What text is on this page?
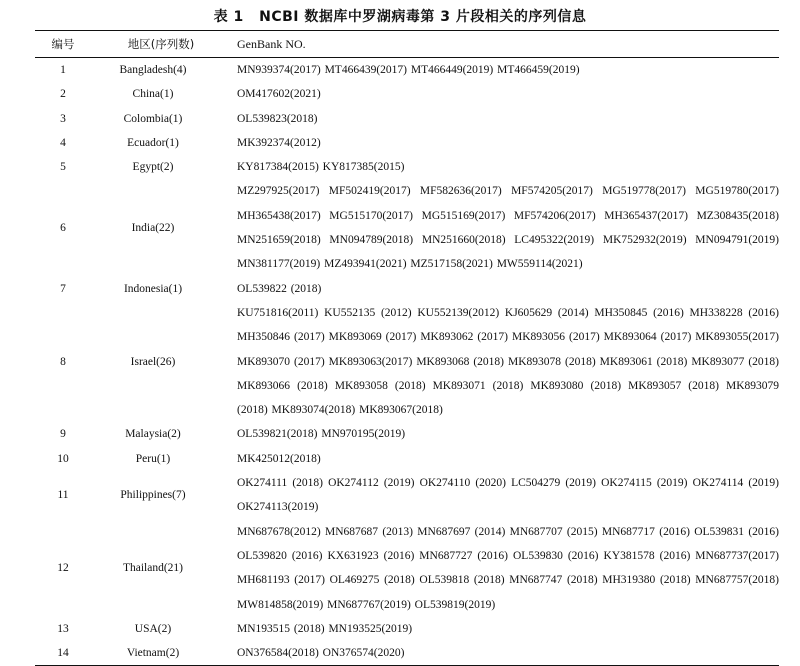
表 1 NCBI 数据库中罗湖病毒第 3 片段相关的序列信息
编号	地区(序列数)	GenBank NO.
1	Bangladesh(4)	MN939374(2017) MT466439(2017) MT466449(2019) MT466459(2019)
2	China(1)	OM417602(2021)
3	Colombia(1)	OL539823(2018)
4	Ecuador(1)	MK392374(2012)
5	Egypt(2)	KY817384(2015) KY817385(2015)
6	India(22)	MZ297925(2017) MF502419(2017) MF582636(2017) MF574205(2017) MG519778(2017) MG519780(2017) MH365438(2017) MG515170(2017) MG515169(2017) MF574206(2017) MH365437(2017) MZ308435(2018) MN251659(2018) MN094789(2018) MN251660(2018) LC495322(2019) MK752932(2019) MN094791(2019) MN381177(2019) MZ493941(2021) MZ517158(2021) MW559114(2021)
7	Indonesia(1)	OL539822 (2018)
8	Israel(26)	KU751816(2011) KU552135 (2012) KU552139(2012) KJ605629 (2014) MH350845 (2016) MH338228 (2016) MH350846 (2017) MK893069 (2017) MK893062 (2017) MK893056 (2017) MK893064 (2017) MK893055(2017) MK893070 (2017) MK893063(2017) MK893068 (2018) MK893078 (2018) MK893061 (2018) MK893077 (2018) MK893066 (2018) MK893058 (2018) MK893071 (2018) MK893080 (2018) MK893057 (2018) MK893079 (2018) MK893074(2018) MK893067(2018)
9	Malaysia(2)	OL539821(2018) MN970195(2019)
10	Peru(1)	MK425012(2018)
11	Philippines(7)	OK274111 (2018) OK274112 (2019) OK274110 (2020) LC504279 (2019) OK274115 (2019) OK274114 (2019) OK274113(2019)
12	Thailand(21)	MN687678(2012) MN687687 (2013) MN687697 (2014) MN687707 (2015) MN687717 (2016) OL539831 (2016) OL539820 (2016) KX631923 (2016) MN687727 (2016) OL539830 (2016) KY381578 (2016) MN687737(2017) MH681193 (2017) OL469275 (2018) OL539818 (2018) MN687747 (2018) MH319380 (2018) MN687757(2018) MW814858(2019) MN687767(2019) OL539819(2019)
13	USA(2)	MN193515 (2018) MN193525(2019)
14	Vietnam(2)	ON376584(2018) ON376574(2020)
